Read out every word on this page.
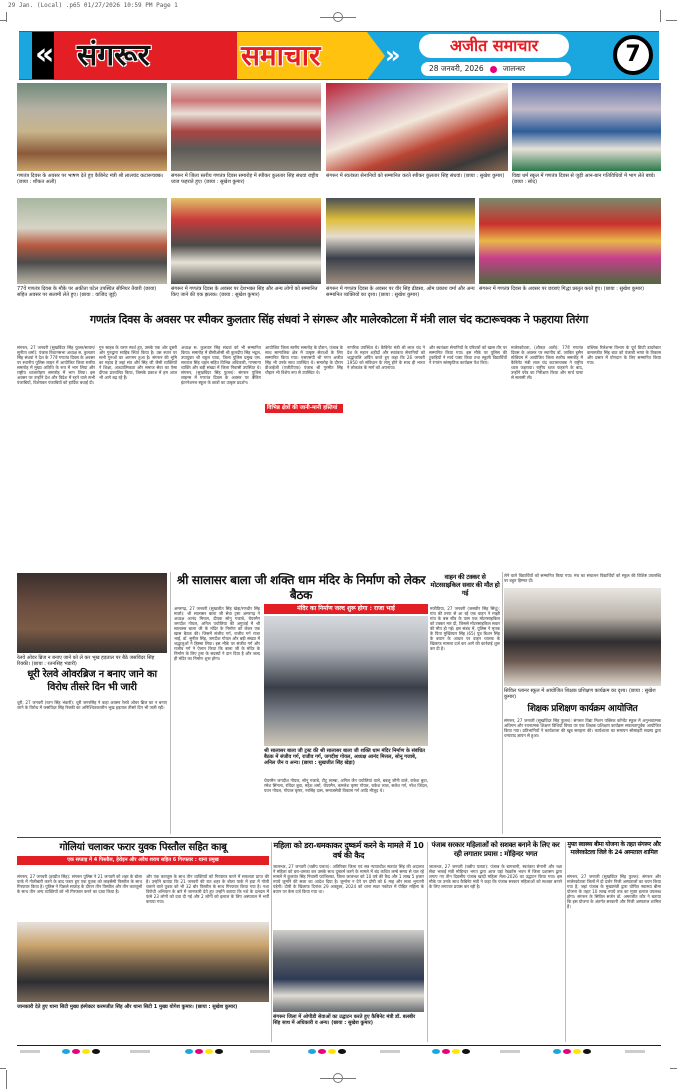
29 Jan. (Local) .p65 01/27/2026 10:59 PM Page 1
« संगरूर	समाचार	»	अजीत समाचार
28 जनवरी, 2026	जालन्धर
7
गणतंत्र दिवस के अवसर पर भाषण देते हुए कैबिनेट मंत्री श्री लालचंद कटारूचक्क। (छाया : शौकत अली)
संगरूर में जिला स्तरीय गणतंत्र दिवस समारोह में स्पीकर कुलतार सिंह संधवां राष्ट्रीय ध्वज फहराते हुए। (छाया : सुखेश कुमार)
संगरूर में स्वतंत्रता सेनानियों को सम्मानित करते स्पीकर कुलतार सिंह संधवां। (छाया : सुखेश कुमार)	विद्या धर्म स्कूल में गणतंत्र दिवस से जुड़ी आन-बान गतिविधियों में भाग लेते बच्चे। (छाया : सोद)
77वें गणतंत्र दिवस के मौके पर अकीता पटेल उपस्थित सीनियर तैयारी (छाया) सहित अवसर पर सलामी लेते हुए। (छाया : वाजिद जुई)
संगरूर में गणतंत्र दिवस के अवसर पर देशभक्त सिंह और अन्य लोगों को सम्मानित किए जाने की एक झलक। (छाया : सुखेश कुमार)
संगरूर में गणतंत्र दिवस के अवसर पर वीर सिंह ढीडसा, ओम प्रकाश वर्मा और अन्य सम्मानित व्यक्तियों का दृश्य। (छाया : सुखेश कुमार)
संगरूर में गणतंत्र दिवस के अवसर पर छात्राएं गिद्धा प्रस्तुत करते हुए। (छाया : सुखेश कुमार)
गणतंत्र दिवस के अवसर पर स्पीकर कुलतार सिंह संधवां ने संगरूर और मालेरकोटला में मंत्री लाल चंद कटारूचक्क ने फहराया तिरंगा
संगरूर, 27 जनवरी (सुखविंदर सिंह फुल्ल/सत्यम/सुनीता शर्मा): पंजाब विधानसभा अध्यक्ष स. कुलतार सिंह संधवां ने देश के 77वें गणतंत्र दिवस के अवसर पर स्थानीय पुलिस लाइन में आयोजित जिला स्तरीय समारोह में मुख्य अतिथि के रूप में भाग लिया और राष्ट्रीय ध्वजारोहण समारोह में भाग लिया। इस अवसर पर उन्होंने देश और विदेश में रहने वाले सभी पंजाबियों, विशेषकर पंजाबियों को हार्दिक बधाई दी।
गुरु साहब के चरण स्पर्श हुए, उसके एक ओर दूसरी ओर गुरुद्वारा साहिब स्थित किया है। उस स्थान पर सभी गुरुओं का आगमन हुआ है। संगरूर की भूमि का महत्व है जहां संत और सिंह जी जैसी व्यक्तियों ने शिक्षा, आध्यात्मिकता और समाज सेवा का ऐसा दीपक प्रज्वलित किया, जिसके प्रकाश में हम आज भी आगे बढ़ रहे हैं।
अध्यक्ष स. कुलतार सिंह संधवां को भी सम्मानित किया। समारोह में डीसीओसी श्री कुलदीप सिंह भट्ठल, उपायुक्त श्री राहुल चावा, जिला पुलिस प्रमुख एस. सरताज सिंह चहल सहित विभिन्न अधिकारी, गणमान्य व्यक्ति और बड़ी संख्या में जिला निवासी उपस्थित थे। संगरूर, (सुखविंदर सिंह फुल्ल): संगरूर पुलिस लाइन्स में गणतंत्र दिवस के अवसर पर बैंकिंग इंटरनेशनल स्कूल के छात्रों का उत्कृष्ट प्रदर्शन।
विभिन्न क्षेत्रों की जानी-मानी हस्तियां
आयोजित जिला स्तरीय समारोह के दौरान, पंजाब के साथ सामाजिक क्षेत्र में उत्कृष्ट सेवाओं के लिए सम्मानित किया गया। एसएसपी श्री गगन अजीत सिंह भी उनके साथ उपस्थित थे। समारोह के दौरान डीआईजी (एजीटीएफ) पंजाब श्री गुरमीत सिंह चौहान भी विशेष रूप से उपस्थित थे।
नागरिक उपस्थित थे। कैबिनेट मंत्री श्री लाल चंद ने देश के महान शहीदों और स्वतंत्रता सेनानियों को श्रद्धांजलि अर्पित करते हुए कहा कि 26 जनवरी 1950 को संविधान के लागू होने के साथ ही भारत ने लोकतंत्र के मार्ग को अपनाया।
और स्वतंत्रता सेनानियों के परिवारों को खास तौर पर सम्मानित किया गया। इस मौके पर पुलिस की टुकड़ियों ने मार्च पास्ट किया तथा स्कूली विद्यार्थियों ने रंगारंग सांस्कृतिक कार्यक्रम पेश किए।
मालेरकोटला, (शौकत अली): 77वें गणतंत्र दिवस के अवसर पर स्थानीय डॉ. ज़ाकिर हुसैन स्टेडियम में आयोजित जिला स्तरीय समारोह में कैबिनेट मंत्री लाल चंद कटारूचक्क ने राष्ट्रीय ध्वज फहराया। राष्ट्रीय ध्वज फहराने के बाद, उन्होंने परेड का निरीक्षण किया और मार्च पास्ट से सलामी ली।
पब्लिक रिलेशन्स विभाग के पूर्व डिप्टी डायरेक्टर कमलजीत सिंह बाठ को पंजाबी भाषा के विकास और प्रसार में योगदान के लिए सम्मानित किया गया।
रेलवे ओवर ब्रिज न बनाए जाने को ले कर भूख हड़ताल पर बैठे जसविंदर सिंह रिक्की। (छाया : रतनसिंह भंडारी)
धूरी रेलवे ओवरब्रिज न बनाए जाने का विरोध तीसरे दिन भी जारी
धूरी, 27 जनवरी (रतन सिंह भंडारी): धूरी जनरसिंह ने कहा अवसर रेलवे ओवर ब्रिज का न बनाए जाने के विरोध में जसविंदर सिंह रिक्की का अनिश्चितकालीन भूख हड़ताल तीसरे दिन भी जारी रही।
श्री सालासर बाला जी शक्ति धाम मंदिर के निर्माण को लेकर बैठक
अमरगढ़, 27 जनवरी (सुखजीत सिंह खेड़ा/रणधीर सिंह मालो): श्री सालासर बाला जी सेवा ट्रस्ट अमरगढ़ ने अध्यक्ष आनंद मित्तल, दीपक सोनू गजाबे, चेयरमैन जगदीश गोयल, अनिल पचोलिया की अगुवाई में श्री सालासर बाला जी के मंदिर के निर्माण को लेकर एक खास बैठक की। जिसमें संजीव गर्ग, राजीव गर्ग राजा भाई, डॉ. सुनील सिंह, जगदीश गोयल और बड़ी संख्या में श्रद्धालुओं ने हिस्सा लिया। इस मौके पर संजीव गर्ग और राजीव गर्ग ने ऐलान किया कि बाला जी के मंदिर के निर्माण के लिए ट्रस्ट के सदस्यों ने दान दिया है और जल्द ही मंदिर का निर्माण शुरू होगा।
मंदिर का निर्माण जल्द शुरू होगा : राजा भाई
श्री सालासर बाला जी ट्रस्ट की श्री सालासर बाला जी शक्ति धाम मंदिर निर्माण के संबंधित बैठक में संजीव गर्ग, राजीव गर्ग, जगदीश गोयल, अध्यक्ष आनंद मित्तल, सोनू गजाबे, अनिल जैन व अन्य। (छाया : सुखजीत सिंह खेड़ा)
चेयरमैन जगदीश गोयल, सोनू गजाबे, टीटू लाम्बा, अनिल जैन पचोलियां वाले, बबलू जौनी वाले, राकेश बुवा, रमेश सिंगला, रविंदर बुवा, महेश शर्मा, चेयरमैन, कमलेश कृष्ण गोयल, राकेश लाल, सलेश गर्ग, नरेश जिंदल, पवन गोयल, गोपाल कृष्ण, नरसिंह दास, समाजसेवी विकास गर्ग आदि मौजूद थे।
वाहन की टक्कर से मोटरसाइकिल सवार की मौत हो गई
मजीठिया, 27 जनवरी (जसवीर सिंह सिंधू): गांव की तरफ से आ रहे एक वाहन ने माझी गांव के बस स्टैंड के पास एक मोटरसाइकिल को टक्कर मार दी, जिससे मोटरसाइकिल सवार की मौत हो गई। इस संबंध में, पुलिस ने मृतक के पिता मुख्तियार सिंह (65) पुत्र बिशन सिंह के बयान के आधार पर वाहन चालक के खिलाफ मामला दर्ज कर आगे की कार्रवाई शुरू कर दी है।
लेने वाले विद्यार्थियों को सम्मानित किया गया। मंच का संचालन विद्यार्थियों को स्कूल की विशिष्ट उपलब्धि पर बहुत हिम्मत दी।
सिविल प्लानर स्कूल में आयोजित शिक्षक प्रशिक्षण कार्यक्रम का दृश्य। (छाया : सुखेश कुमार)
शिक्षक प्रशिक्षण कार्यक्रम आयोजित
संगरूर, 27 जनवरी (सुखविंदर सिंह फुल्ल): संगरूर विद्या मिशन पब्लिक कॉन्वेंट स्कूल में अनुभवात्मक अधिगम और रचनात्मक शिक्षण विधियों विषय पर एक शिक्षक प्रशिक्षण कार्यक्रम सफलतापूर्वक आयोजित किया गया। प्रतिभागियों ने कार्यशाला की खूब सराहना की। कार्यशाला का समापन सोसाइटी सदस्य द्वारा धन्यवाद ज्ञापन से हुआ।
गोलियां चलाकर फरार युवक पिस्तौल सहित काबू
एक सप्ताह में 4 पिस्तौल, हेरोइन और अवैध शराब सहित 6 गिरफ्तार : थाना प्रमुख
संगरूर, 27 जनवरी (हरप्रीत सिंह): संगरूर पुलिस ने 21 जनवरी को शहर के बोला पार्क में गोलीबारी करने के बाद फरार हुए एक युवक को लाइसेंसी पिस्तौल के साथ गिरफ्तार किया है। पुलिस ने पिछले सप्ताह के दौरान तीन पिस्तौल और तीन कारतूसों के साथ तीन अन्य व्यक्तियों को भी गिरफ्तार करने का दावा किया है।
और एक कारतूस के साथ तीन व्यक्तियों को गिरफ्तार करने में सफलता प्राप्त की है। उन्होंने बताया कि 21 जनवरी की रात शहर के बोला पार्क में हवा में गोली चलाने वाले युवक को भी 32 बोर पिस्तौल के साथ गिरफ्तार किया गया है। नशा विरोधी अभियान के बारे में जानकारी देते हुए उन्होंने बताया कि नशे के दलदल में फंसे 23 लोगों को दवा दी गई और 2 लोगों को इलाज के लिए अस्पताल में भर्ती कराया गया।
जानकारी देते हुए थाना सिटी मुख्य इंस्पेक्टर करमजीत सिंह और थाना सिटी 1 मुख्य योगेश कुमार। (छाया : सुखेश कुमार)
महिला को डरा-धमकाकर दुष्कर्म करने के मामले में 10 वर्ष की कैद
जालन्धर, 27 जनवरी (चन्नीप पलता): अतिरिक्त जिला एवं सत्र न्यायाधीश सतवंत सिंह की अदालत ने महिला को डरा-धमका कर उसके साथ दुष्कर्म करने के मामले में बंद कथित लम्बे समय से चल रहे मामले में कुलवंत सिंह निवासी फाजिल्का, जिला जालन्धर को 10 वर्ष की कैद और 1 लाख 5 हजार रुपये जुर्माने की सजा का आदेश दिया है। जुर्माना न देने पर दोषी को 6 माह और सजा भुगतनी पड़ेगी। दोषी के खिलाफ दिनांक 29 अक्तूबर, 2024 को थाना सदर नकोदर में पीड़ित महिला के बयान पर केस दर्ज किया गया था।
संगरूर जिला में ओपीडी सेवाओं का उद्घाटन करते हुए कैबिनेट मंत्री डॉ. बलबीर सिंह साथ में अधिकारी व अन्य। (छाया : सुखेश कुमार)
पंजाब सरकार महिलाओं को सशक्त बनाने के लिए कर रही लगातार प्रयास : मोहिन्दर भगत
जालन्धर, 27 जनवरी (चन्नीप पलता): पंजाब के बागबानी, स्वतंत्रता सेनानी और रक्षा सेवा भलाई मंत्री मोहिन्दर भगत द्वारा आज यहां रेडक्रॉस भवन में जिला प्रशासन द्वारा लगाए गए तीन दिवसीय पंजाब खादी महिला मेला-2026 का उद्घाटन किया गया। इस मौके पर उनके साथ कैबिनेट मंत्री ने कहा कि पंजाब सरकार महिलाओं को सशक्त बनाने के लिए लगातार प्रयास कर रही है।
मुफ्त स्वास्थ्य बीमा योजना के तहत संगरूर और मालेरकोटला जिले के 24 अस्पताल शामिल
संगरूर, 27 जनवरी (सुखविंदर सिंह फुल्ल): संगरूर और मालेरकोटला जिलों में दो दर्जन निजी अस्पतालों का चयन किया गया है, जहां पंजाब के मुख्यमंत्री द्वारा घोषित स्वास्थ्य बीमा योजना के तहत 10 लाख रुपये तक का मुफ्त इलाज उपलब्ध होगा। संगरूर के सिविल सर्जन डॉ. अमरजीत कौर ने बताया कि इस योजना के अंतर्गत सरकारी और निजी अस्पताल शामिल हैं।
